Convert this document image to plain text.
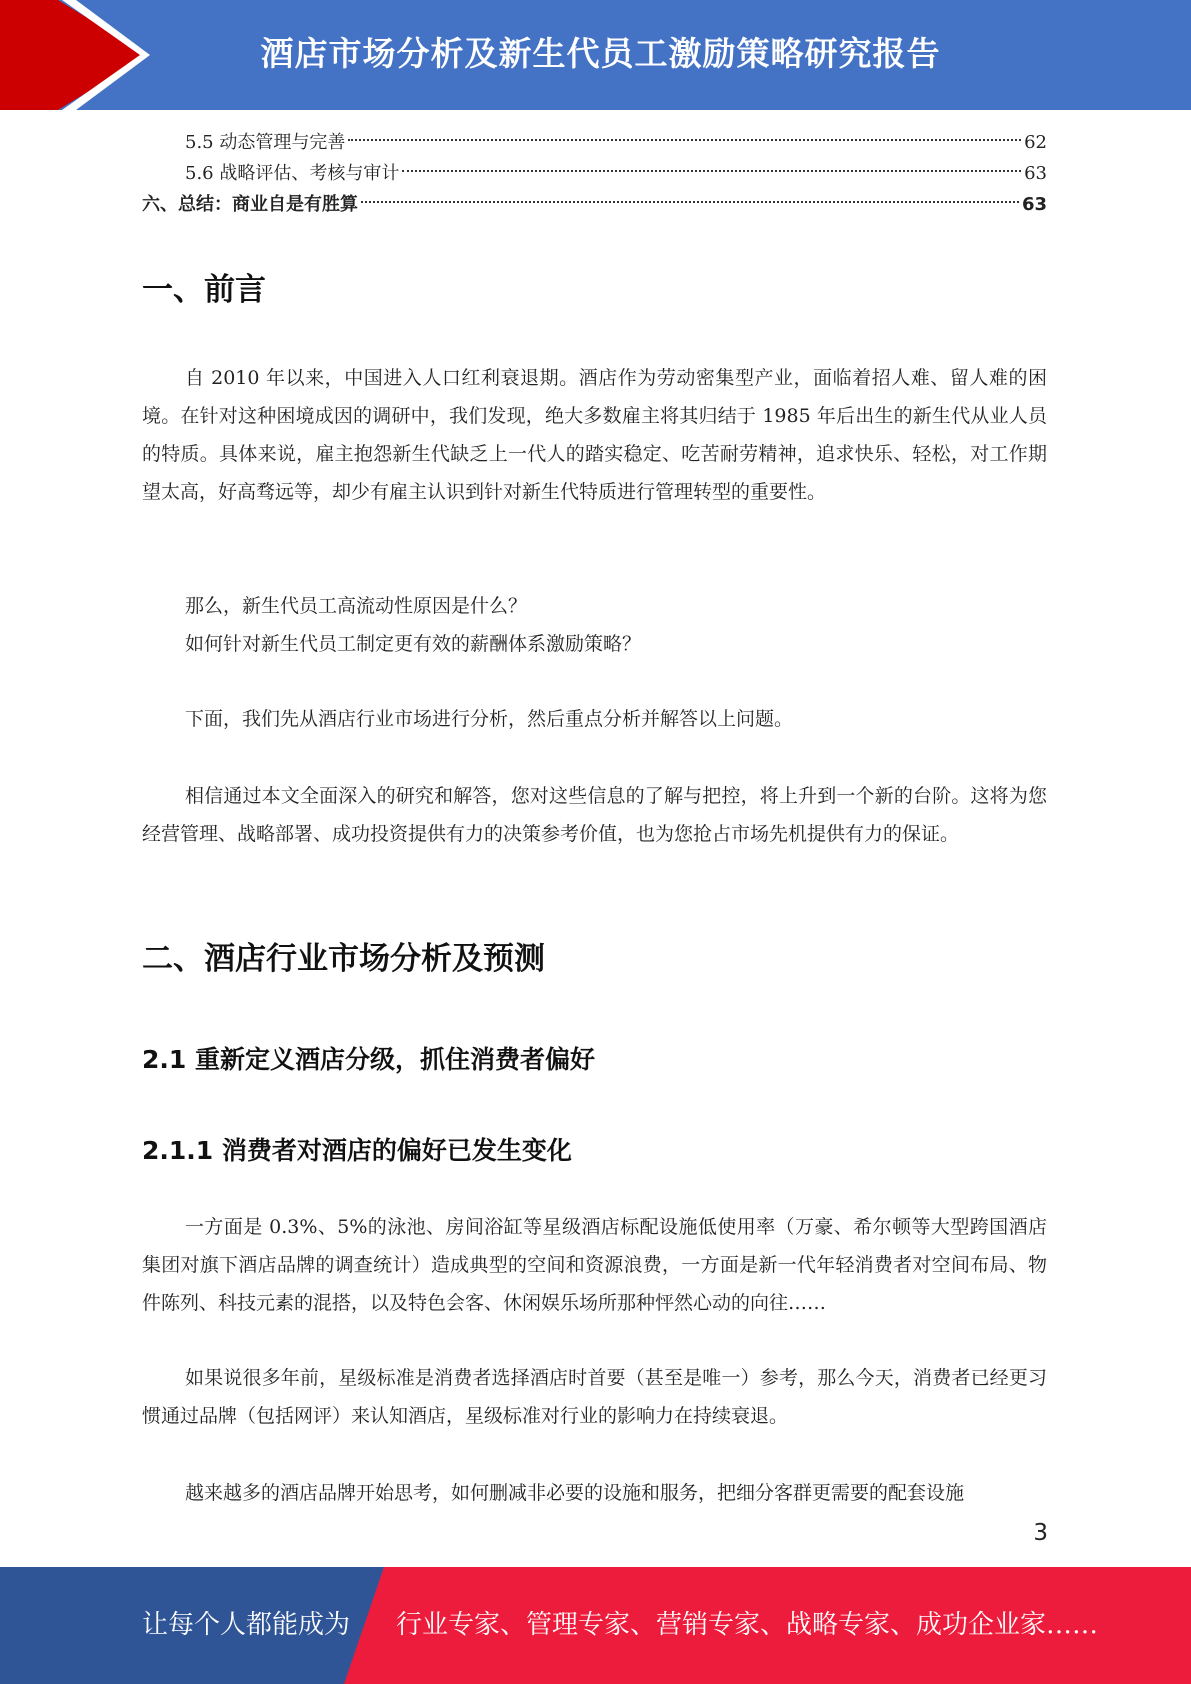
酒店市场分析及新生代员工激励策略研究报告
5.5 动态管理与完善	62
5.6 战略评估、考核与审计	63
六、总结：商业自是有胜算	63
一、前言
自 2010 年以来，中国进入人口红利衰退期。酒店作为劳动密集型产业，面临着招人难、留人难的困境。在针对这种困境成因的调研中，我们发现，绝大多数雇主将其归结于 1985 年后出生的新生代从业人员的特质。具体来说，雇主抱怨新生代缺乏上一代人的踏实稳定、吃苦耐劳精神，追求快乐、轻松，对工作期望太高，好高骛远等，却少有雇主认识到针对新生代特质进行管理转型的重要性。
那么，新生代员工高流动性原因是什么？
如何针对新生代员工制定更有效的薪酬体系激励策略？
下面，我们先从酒店行业市场进行分析，然后重点分析并解答以上问题。
相信通过本文全面深入的研究和解答，您对这些信息的了解与把控，将上升到一个新的台阶。这将为您经营管理、战略部署、成功投资提供有力的决策参考价值，也为您抢占市场先机提供有力的保证。
二、酒店行业市场分析及预测
2.1 重新定义酒店分级，抓住消费者偏好
2.1.1 消费者对酒店的偏好已发生变化
一方面是 0.3%、5%的泳池、房间浴缸等星级酒店标配设施低使用率（万豪、希尔顿等大型跨国酒店集团对旗下酒店品牌的调查统计）造成典型的空间和资源浪费，一方面是新一代年轻消费者对空间布局、物件陈列、科技元素的混搭，以及特色会客、休闲娱乐场所那种怦然心动的向往……
如果说很多年前，星级标准是消费者选择酒店时首要（甚至是唯一）参考，那么今天，消费者已经更习惯通过品牌（包括网评）来认知酒店，星级标准对行业的影响力在持续衰退。
越来越多的酒店品牌开始思考，如何删减非必要的设施和服务，把细分客群更需要的配套设施
3
让每个人都能成为 行业专家、管理专家、营销专家、战略专家、成功企业家……
